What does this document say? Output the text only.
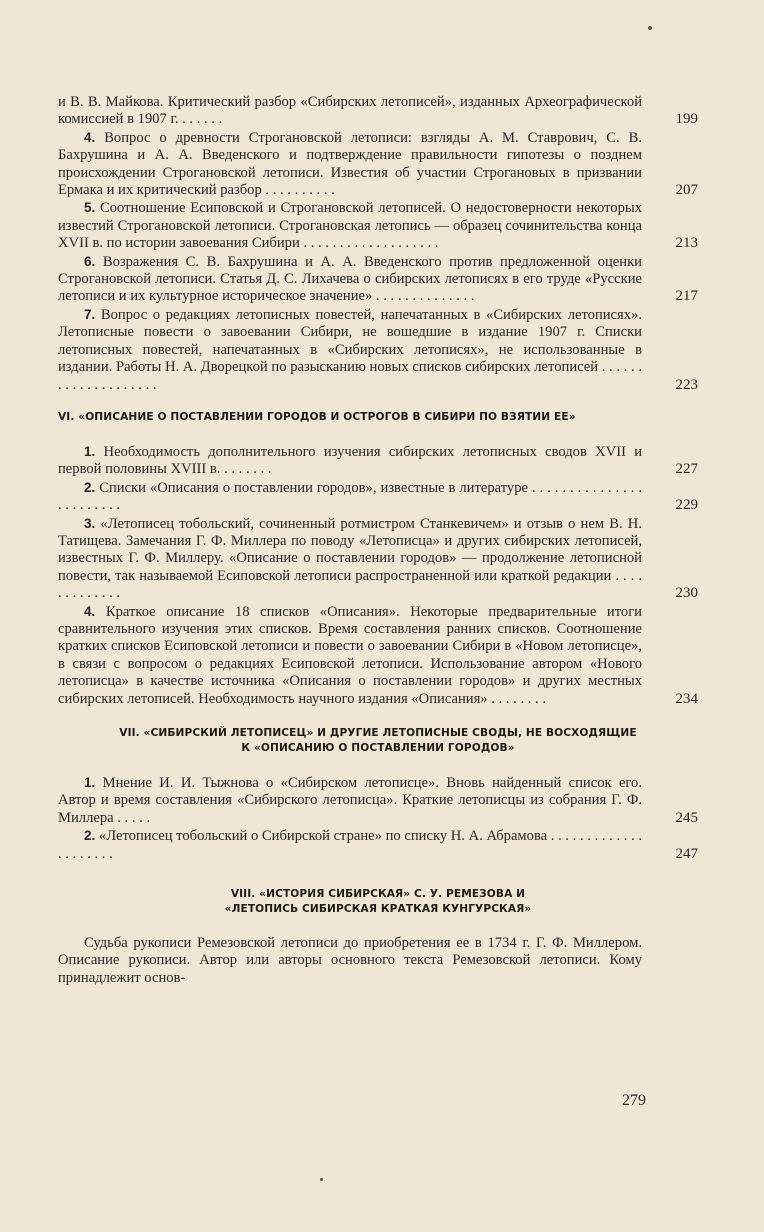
и В. В. Майкова. Критический разбор «Сибирских летописей», изданных Археографической комиссией в 1907 г. . . . . . .	199
4. Вопрос о древности Строгановской летописи: взгляды А. М. Ставрович, С. В. Бахрушина и А. А. Введенского и подтверждение правильности гипотезы о позднем происхождении Строгановской летописи. Известия об участии Строгановых в призвании Ермака и их критический разбор . . . . . . . . . .	207
5. Соотношение Есиповской и Строгановской летописей. О недостоверности некоторых известий Строгановской летописи. Строгановская летопись — образец сочинительства конца XVII в. по истории завоевания Сибири . . . . . . . . . . . . . . . . . . .	213
6. Возражения С. В. Бахрушина и А. А. Введенского против предложенной оценки Строгановской летописи. Статья Д. С. Лихачева о сибирских летописях в его труде «Русские летописи и их культурное историческое значение» . . . . . . . . . . . . . .	217
7. Вопрос о редакциях летописных повестей, напечатанных в «Сибирских летописях». Летописные повести о завоевании Сибири, не вошедшие в издание 1907 г. Списки летописных повестей, напечатанных в «Сибирских летописях», не использованные в издании. Работы Н. А. Дворецкой по разысканию новых списков сибирских летописей . . . . . . . . . . . . . . . . . . . .	223
VI. «ОПИСАНИЕ О ПОСТАВЛЕНИИ ГОРОДОВ И ОСТРОГОВ В СИБИРИ ПО ВЗЯТИИ ЕЕ»
1. Необходимость дополнительного изучения сибирских летописных сводов XVII и первой половины XVIII в. . . . . . . .	227
2. Списки «Описания о поставлении городов», известные в литературе . . . . . . . . . . . . . . . . . . . . . . . .	229
3. «Летописец тобольский, сочиненный ротмистром Станкевичем» и отзыв о нем В. Н. Татищева. Замечания Г. Ф. Миллера по поводу «Летописца» и других сибирских летописей, известных Г. Ф. Миллеру. «Описание о поставлении городов» — продолжение летописной повести, так называемой Есиповской летописи распространенной или краткой редакции . . . . . . . . . . . . .	230
4. Краткое описание 18 списков «Описания». Некоторые предварительные итоги сравнительного изучения этих списков. Время составления ранних списков. Соотношение кратких списков Есиповской летописи и повести о завоевании Сибири в «Новом летописце», в связи с вопросом о редакциях Есиповской летописи. Использование автором «Нового летописца» в качестве источника «Описания о поставлении городов» и других местных сибирских летописей. Необходимость научного издания «Описания» . . . . . . . .	234
VII. «СИБИРСКИЙ ЛЕТОПИСЕЦ» И ДРУГИЕ ЛЕТОПИСНЫЕ СВОДЫ, НЕ ВОСХОДЯЩИЕ
К «ОПИСАНИЮ О ПОСТАВЛЕНИИ ГОРОДОВ»
1. Мнение И. И. Тыжнова о «Сибирском летописце». Вновь найденный список его. Автор и время составления «Сибирского летописца». Краткие летописцы из собрания Г. Ф. Миллера . . . . .	245
2. «Летописец тобольский о Сибирской стране» по списку Н. А. Абрамова . . . . . . . . . . . . . . . . . . . . .	247
VIII. «ИСТОРИЯ СИБИРСКАЯ» С. У. РЕМЕЗОВА И
«ЛЕТОПИСЬ СИБИРСКАЯ КРАТКАЯ КУНГУРСКАЯ»
Судьба рукописи Ремезовской летописи до приобретения ее в 1734 г. Г. Ф. Миллером. Описание рукописи. Автор или авторы основного текста Ремезовской летописи. Кому принадлежит основ-
279
